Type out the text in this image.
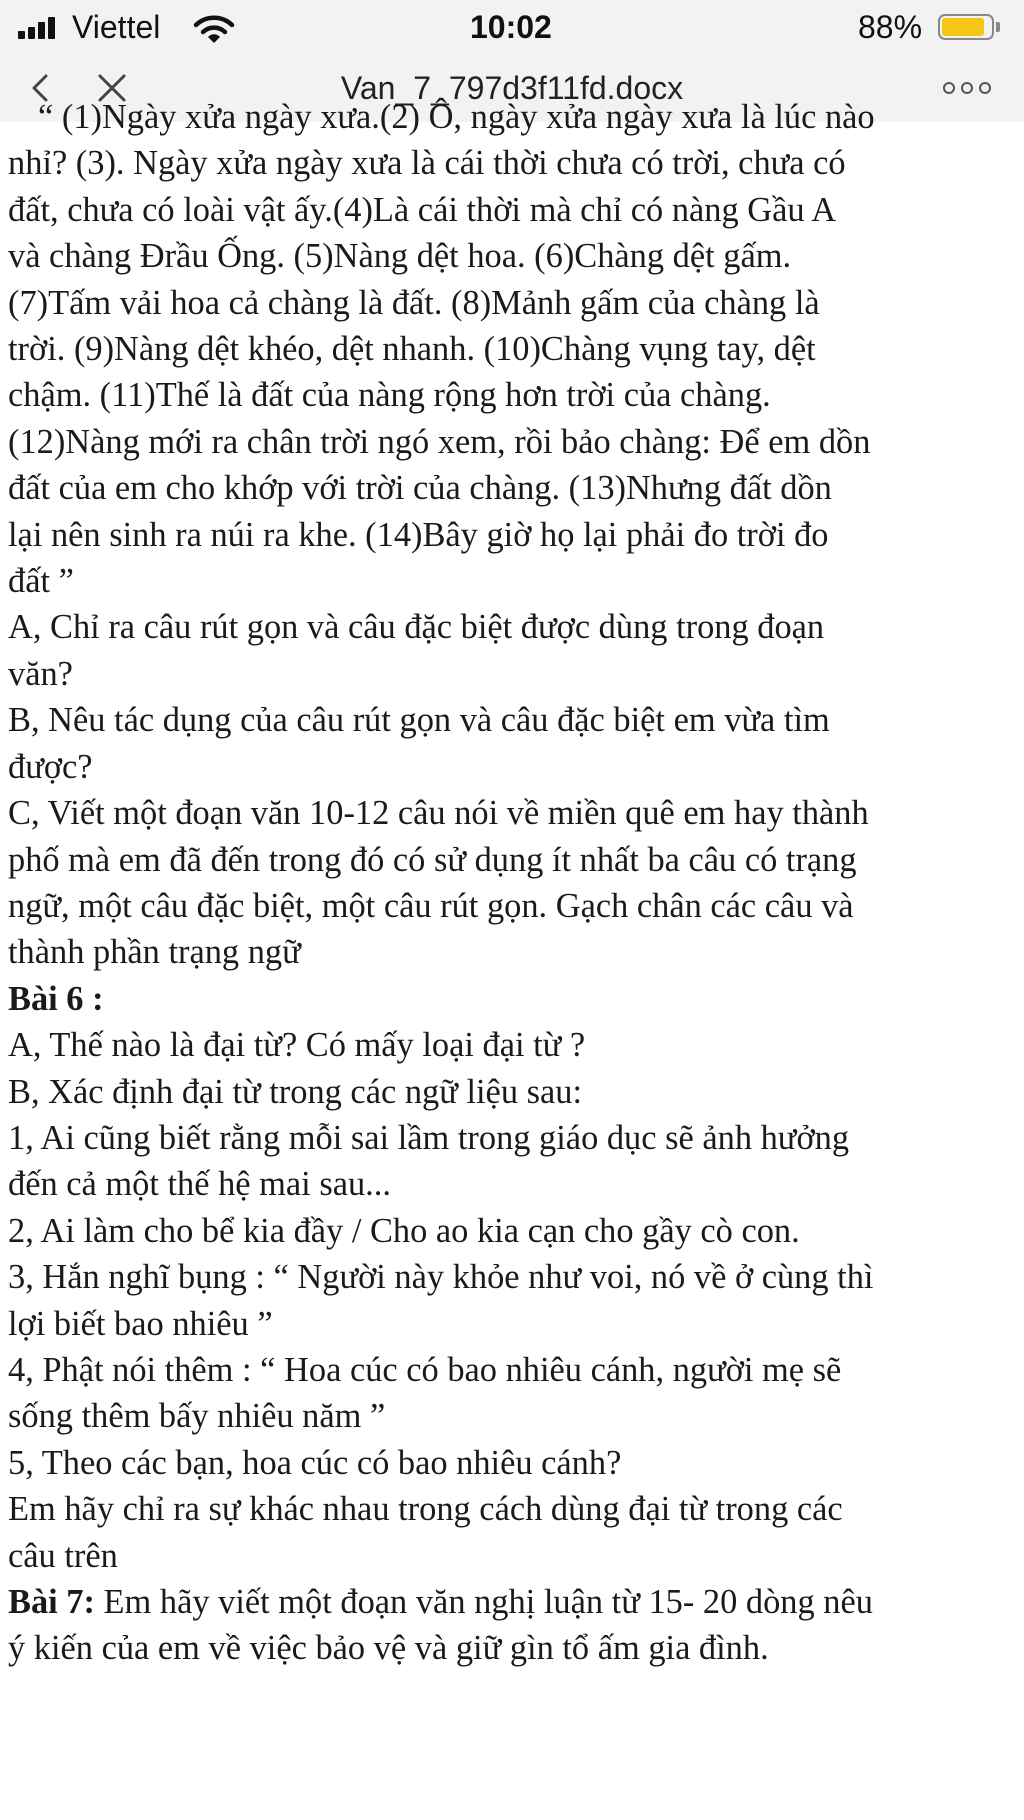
Viettel	10:02	88%
Van_7_797d3f11fd.docx
“ (1)Ngày xửa ngày xưa.(2) Ô, ngày xửa ngày xưa là lúc nào
nhỉ? (3). Ngày xửa ngày xưa là cái thời chưa có trời, chưa có
đất, chưa có loài vật ấy.(4)Là cái thời mà chỉ có nàng Gầu A
và chàng Đrầu Ống. (5)Nàng dệt hoa. (6)Chàng dệt gấm.
(7)Tấm vải hoa cả chàng là đất. (8)Mảnh gấm của chàng là
trời. (9)Nàng dệt khéo, dệt nhanh. (10)Chàng vụng tay, dệt
chậm. (11)Thế là đất của nàng rộng hơn trời của chàng.
(12)Nàng mới ra chân trời ngó xem, rồi bảo chàng: Để em dồn
đất của em cho khớp với trời của chàng. (13)Nhưng đất dồn
lại nên sinh ra núi ra khe. (14)Bây giờ họ lại phải đo trời đo
đất ”
A, Chỉ ra câu rút gọn và câu đặc biệt được dùng trong đoạn
văn?
B, Nêu tác dụng của câu rút gọn và câu đặc biệt em vừa tìm
được?
C, Viết một đoạn văn 10-12 câu nói về miền quê em hay thành
phố mà em đã đến trong đó có sử dụng ít nhất ba câu có trạng
ngữ, một câu đặc biệt, một câu rút gọn. Gạch chân các câu và
thành phần trạng ngữ
Bài 6 :
A, Thế nào là đại từ? Có mấy loại đại từ ?
B, Xác định đại từ trong các ngữ liệu sau:
1, Ai cũng biết rằng mỗi sai lầm trong giáo dục sẽ ảnh hưởng
đến cả một thế hệ mai sau...
2, Ai làm cho bể kia đầy / Cho ao kia cạn cho gầy cò con.
3, Hắn nghĩ bụng : “ Người này khỏe như voi, nó về ở cùng thì
lợi biết bao nhiêu ”
4, Phật nói thêm : “ Hoa cúc có bao nhiêu cánh, người mẹ sẽ
sống thêm bấy nhiêu năm ”
5, Theo các bạn, hoa cúc có bao nhiêu cánh?
Em hãy chỉ ra sự khác nhau trong cách dùng đại từ trong các
câu trên
Bài 7: Em hãy viết một đoạn văn nghị luận từ 15- 20 dòng nêu
ý kiến của em về việc bảo vệ và giữ gìn tổ ấm gia đình.
